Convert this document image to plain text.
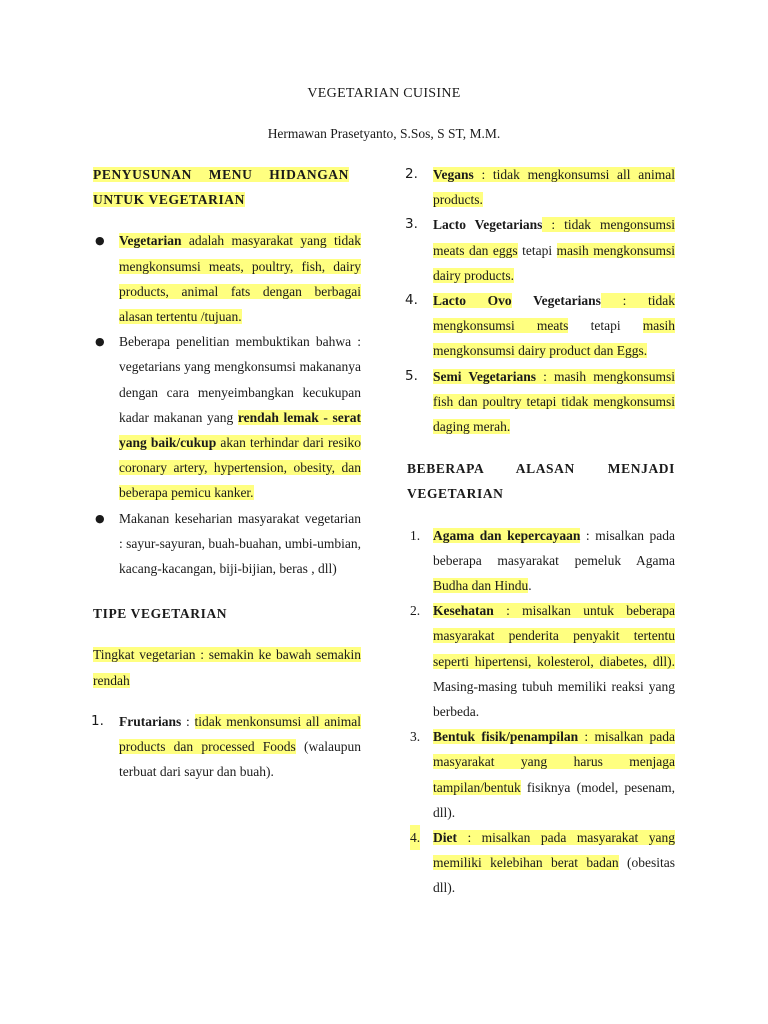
VEGETARIAN CUISINE
Hermawan Prasetyanto, S.Sos, S ST, M.M.
PENYUSUNAN MENU HIDANGAN UNTUK VEGETARIAN
● Vegetarian adalah masyarakat yang tidak mengkonsumsi meats, poultry, fish, dairy products, animal fats dengan berbagai alasan tertentu /tujuan.
● Beberapa penelitian membuktikan bahwa : vegetarians yang mengkonsumsi makananya dengan cara menyeimbangkan kecukupan kadar makanan yang rendah lemak - serat yang baik/cukup akan terhindar dari resiko coronary artery, hypertension, obesity, dan beberapa pemicu kanker.
● Makanan keseharian masyarakat vegetarian : sayur-sayuran, buah-buahan, umbi-umbian, kacang-kacangan, biji-bijian, beras , dll)
TIPE VEGETARIAN
Tingkat vegetarian : semakin ke bawah semakin rendah
1. Frutarians : tidak menkonsumsi all animal products dan processed Foods (walaupun terbuat dari sayur dan buah).
2. Vegans : tidak mengkonsumsi all animal products.
3. Lacto Vegetarians : tidak mengonsumsi meats dan eggs tetapi masih mengkonsumsi dairy products.
4. Lacto Ovo Vegetarians : tidak mengkonsumsi meats tetapi masih mengkonsumsi dairy product dan Eggs.
5. Semi Vegetarians : masih mengkonsumsi fish dan poultry tetapi tidak mengkonsumsi daging merah.
BEBERAPA ALASAN MENJADI VEGETARIAN
1. Agama dan kepercayaan : misalkan pada beberapa masyarakat pemeluk Agama Budha dan Hindu.
2. Kesehatan : misalkan untuk beberapa masyarakat penderita penyakit tertentu seperti hipertensi, kolesterol, diabetes, dll). Masing-masing tubuh memiliki reaksi yang berbeda.
3. Bentuk fisik/penampilan : misalkan pada masyarakat yang harus menjaga tampilan/bentuk fisiknya (model, pesenam, dll).
4. Diet : misalkan pada masyarakat yang memiliki kelebihan berat badan (obesitas dll).
